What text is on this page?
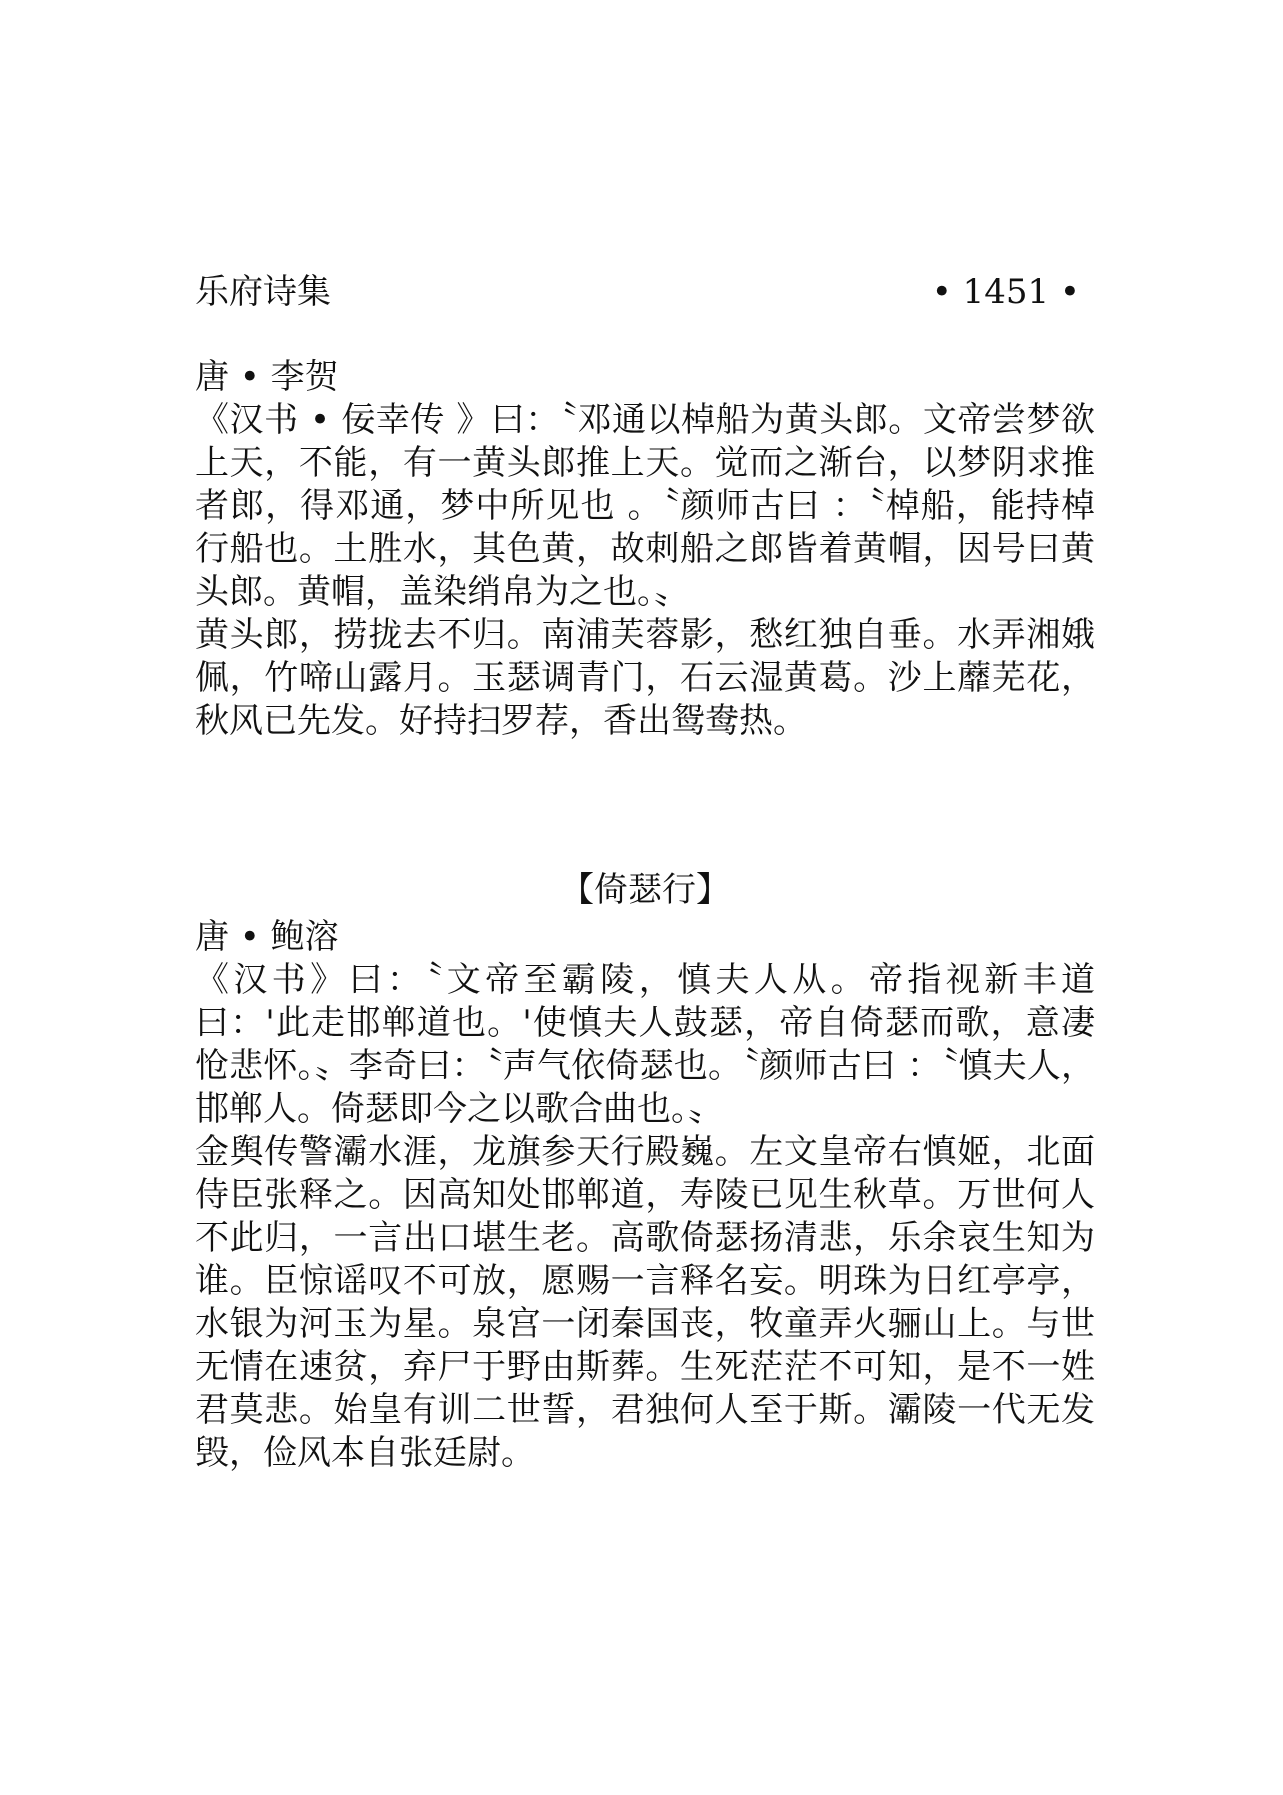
乐府诗集	• 1451 •

唐 • 李贺

《汉书 • 佞幸传 》曰：〝邓通以棹船为黄头郎。文帝尝梦欲上天，不能，有一黄头郎推上天。觉而之渐台，以梦阴求推者郎，得邓通，梦中所见也 。〝颜师古曰 ：〝棹船，能持棹行船也。土胜水，其色黄，故刺船之郎皆着黄帽，因号曰黄头郎。黄帽，盖染绡帛为之也。〟

黄头郎，捞拢去不归。南浦芙蓉影，愁红独自垂。水弄湘娥佩，竹啼山露月。玉瑟调青门，石云湿黄葛。沙上蘼芜花，秋风已先发。好持扫罗荐，香出鸳鸯热。

【倚瑟行】

唐 • 鲍溶

《汉书》曰：〝文帝至霸陵，慎夫人从。帝指视新丰道曰：'此走邯郸道也。'使慎夫人鼓瑟，帝自倚瑟而歌，意凄怆悲怀。〟李奇曰：〝声气依倚瑟也。〝颜师古曰 ：〝慎夫人，邯郸人。倚瑟即今之以歌合曲也。〟

金舆传警灞水涯，龙旗参天行殿巍。左文皇帝右慎姬，北面侍臣张释之。因高知处邯郸道，寿陵已见生秋草。万世何人不此归，一言出口堪生老。高歌倚瑟扬清悲，乐余哀生知为谁。臣惊谣叹不可放，愿赐一言释名妄。明珠为日红亭亭，水银为河玉为星。泉宫一闭秦国丧，牧童弄火骊山上。与世无情在速贫，弃尸于野由斯葬。生死茫茫不可知，是不一姓君莫悲。始皇有训二世誓，君独何人至于斯。灞陵一代无发毁，俭风本自张廷尉。
